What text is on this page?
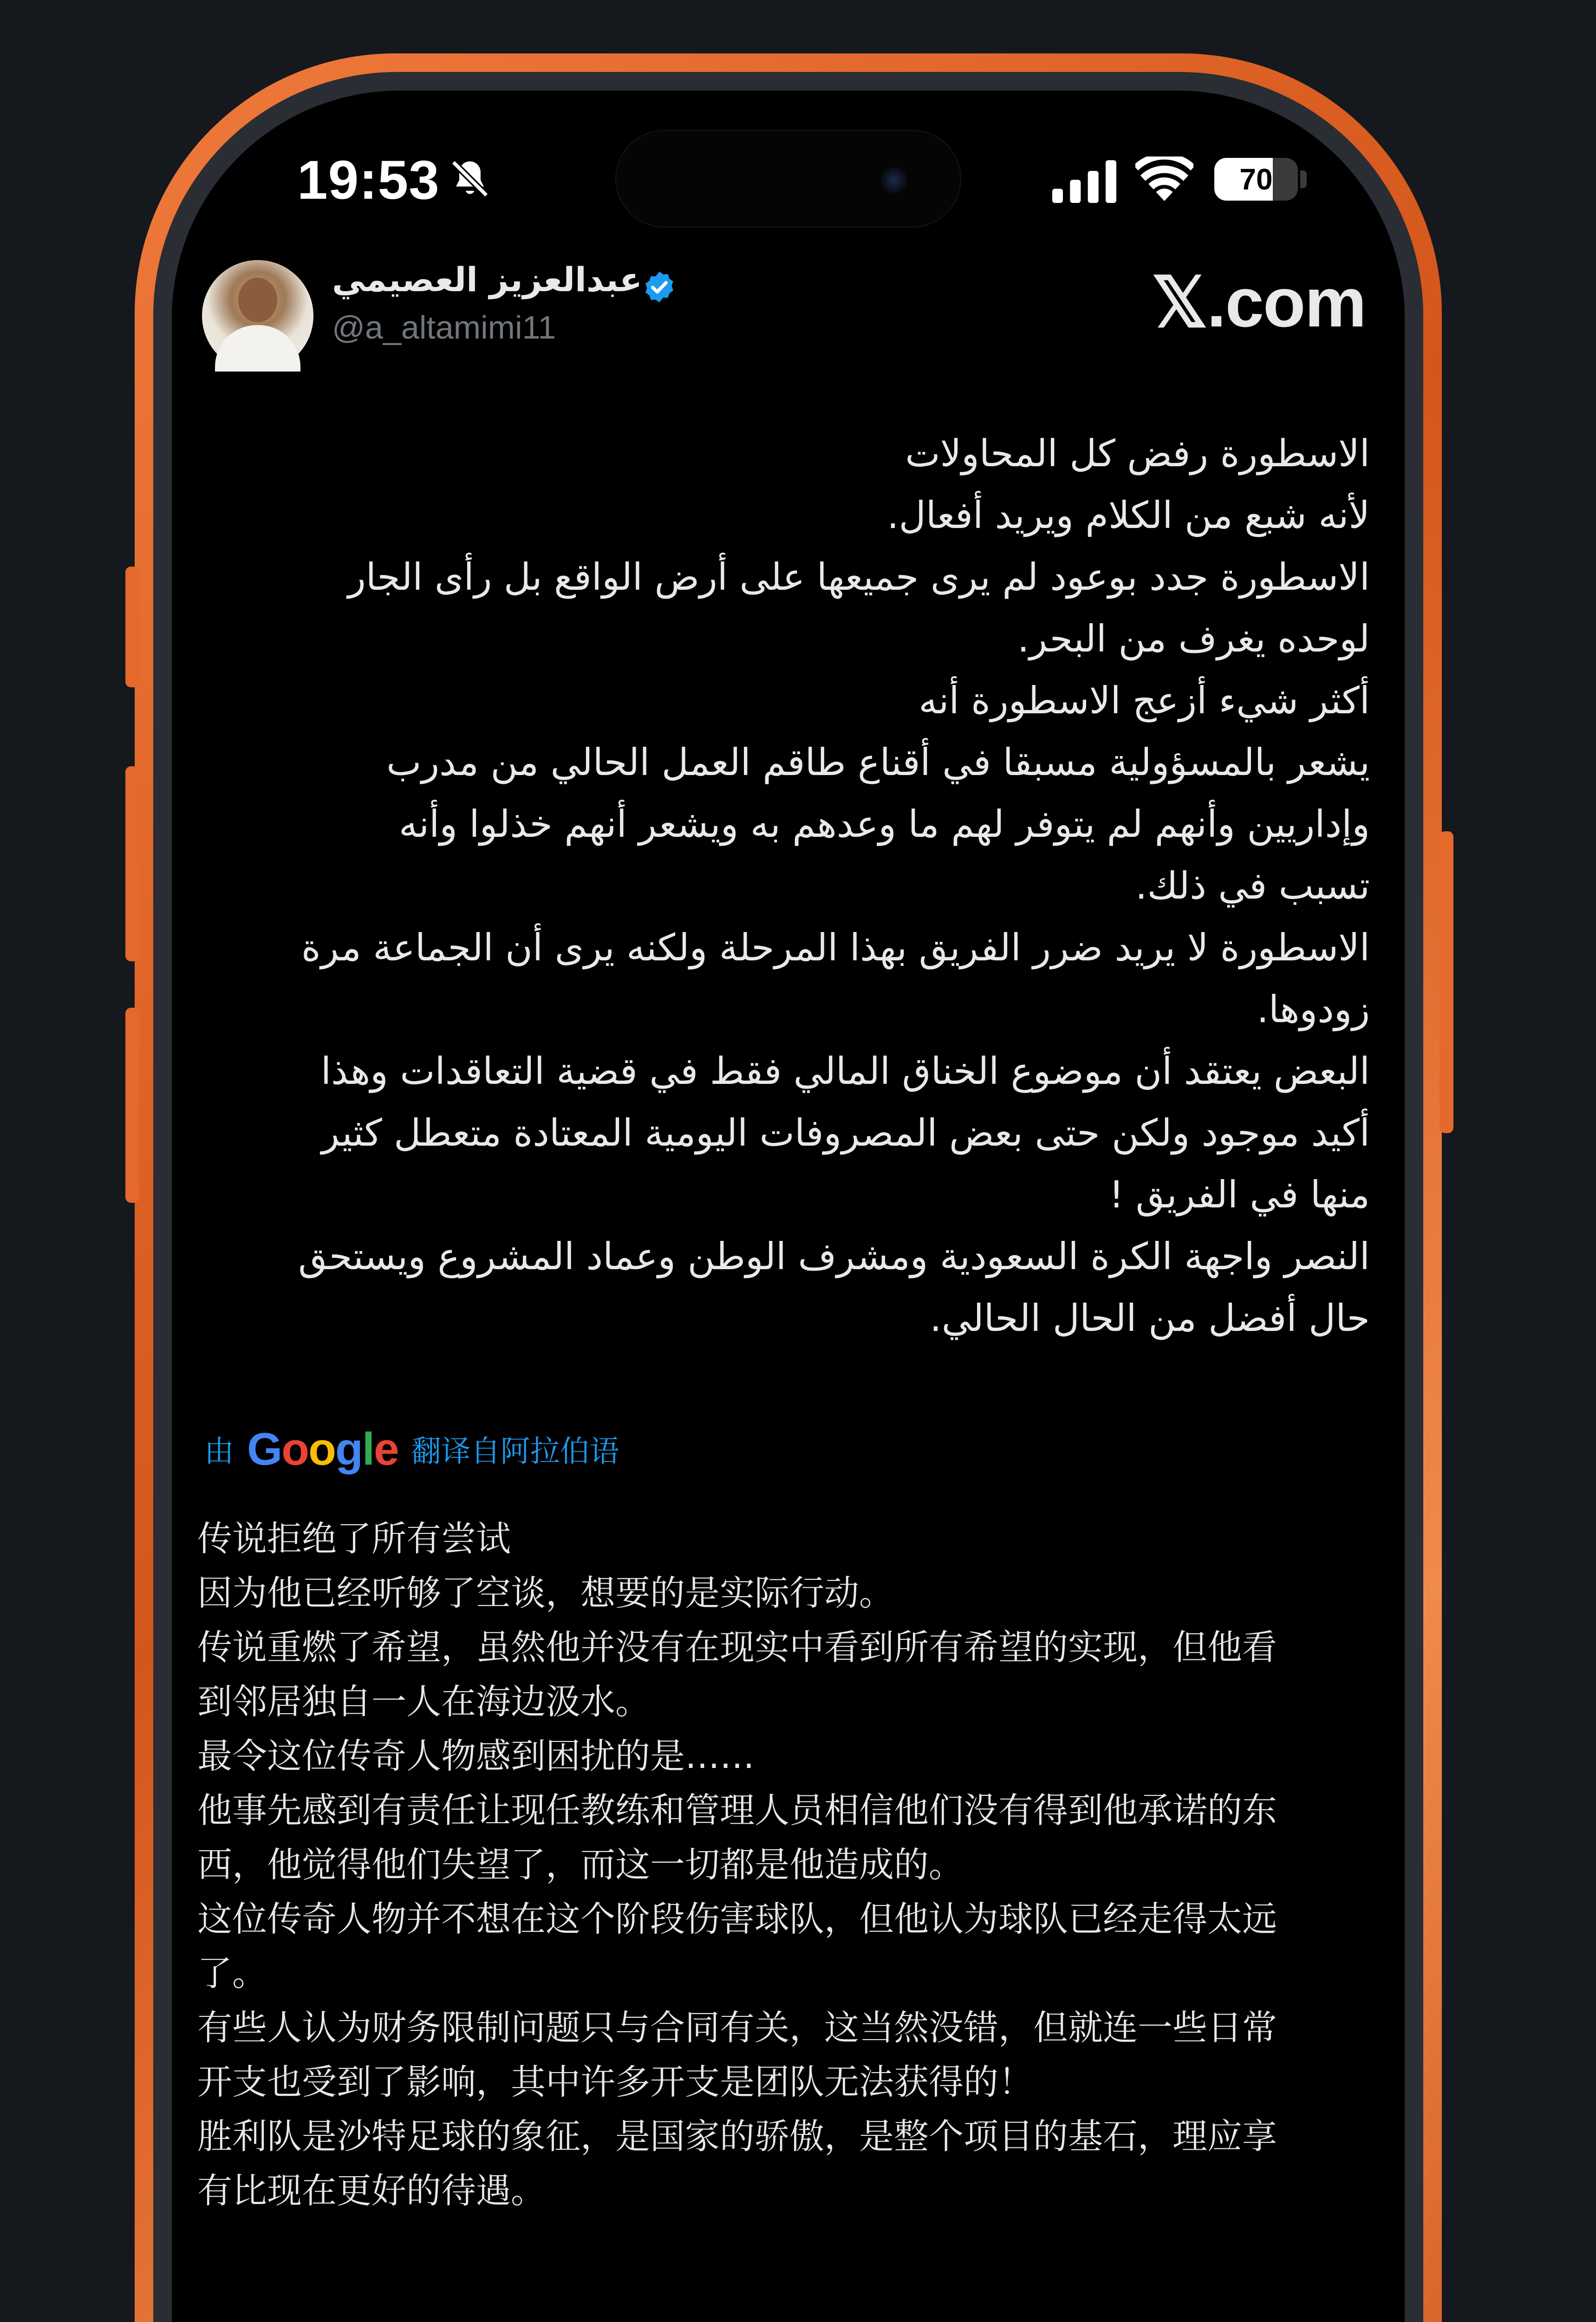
19:53	70
عبدالعزيز العصيمي
@a_altamimi11	𝕏.com
الاسطورة رفض كل المحاولات
لأنه شبع من الكلام ويريد أفعال.
الاسطورة جدد بوعود لم يرى جميعها على أرض الواقع بل رأى الجار
لوحده يغرف من البحر.
أكثر شيء أزعج الاسطورة أنه
يشعر بالمسؤولية مسبقا في أقناع طاقم العمل الحالي من مدرب
وإداريين وأنهم لم يتوفر لهم ما وعدهم به ويشعر أنهم خذلوا وأنه
تسبب في ذلك.
الاسطورة لا يريد ضرر الفريق بهذا المرحلة ولكنه يرى أن الجماعة مرة
زودوها.
البعض يعتقد أن موضوع الخناق المالي فقط في قضية التعاقدات وهذا
أكيد موجود ولكن حتى بعض المصروفات اليومية المعتادة متعطل كثير
منها في الفريق !
النصر واجهة الكرة السعودية ومشرف الوطن وعماد المشروع ويستحق
حال أفضل من الحال الحالي.
由 Google 翻译自阿拉伯语
传说拒绝了所有尝试
因为他已经听够了空谈，想要的是实际行动。
传说重燃了希望，虽然他并没有在现实中看到所有希望的实现，但他看
到邻居独自一人在海边汲水。
最令这位传奇人物感到困扰的是……
他事先感到有责任让现任教练和管理人员相信他们没有得到他承诺的东
西，他觉得他们失望了，而这一切都是他造成的。
这位传奇人物并不想在这个阶段伤害球队，但他认为球队已经走得太远
了。
有些人认为财务限制问题只与合同有关，这当然没错，但就连一些日常
开支也受到了影响，其中许多开支是团队无法获得的！
胜利队是沙特足球的象征，是国家的骄傲，是整个项目的基石，理应享
有比现在更好的待遇。
